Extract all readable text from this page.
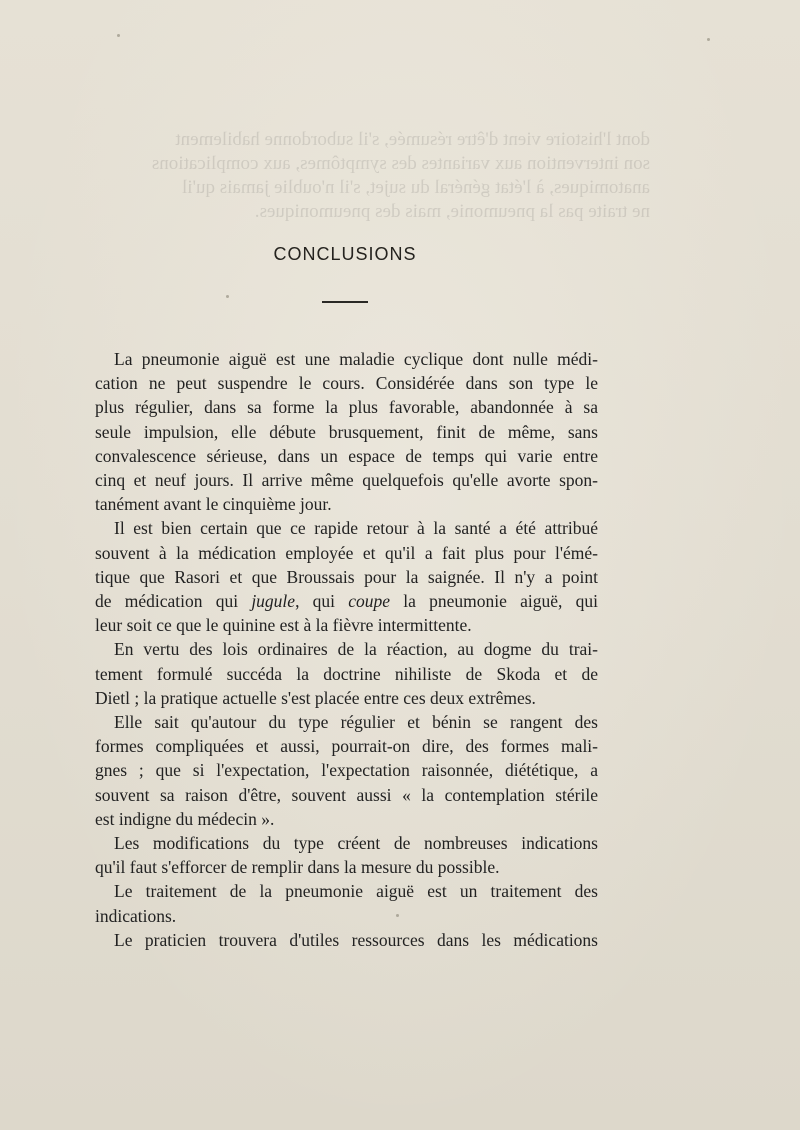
dont l'histoire vient d'être résumée, s'il subordonne habilement
son intervention aux variantes des symptômes, aux complications
anatomiques, à l'état général du sujet, s'il n'oublie jamais qu'il
ne traite pas la pneumonie, mais des pneumoniques.
CONCLUSIONS
La pneumonie aiguë est une maladie cyclique dont nulle médi-
cation ne peut suspendre le cours. Considérée dans son type le
plus régulier, dans sa forme la plus favorable, abandonnée à sa
seule impulsion, elle débute brusquement, finit de même, sans
convalescence sérieuse, dans un espace de temps qui varie entre
cinq et neuf jours. Il arrive même quelquefois qu'elle avorte spon-
tanément avant le cinquième jour.
Il est bien certain que ce rapide retour à la santé a été attribué
souvent à la médication employée et qu'il a fait plus pour l'émé-
tique que Rasori et que Broussais pour la saignée. Il n'y a point
de médication qui jugule, qui coupe la pneumonie aiguë, qui
leur soit ce que le quinine est à la fièvre intermittente.
En vertu des lois ordinaires de la réaction, au dogme du trai-
tement formulé succéda la doctrine nihiliste de Skoda et de
Dietl ; la pratique actuelle s'est placée entre ces deux extrêmes.
Elle sait qu'autour du type régulier et bénin se rangent des
formes compliquées et aussi, pourrait-on dire, des formes mali-
gnes ; que si l'expectation, l'expectation raisonnée, diététique, a
souvent sa raison d'être, souvent aussi « la contemplation stérile
est indigne du médecin ».
Les modifications du type créent de nombreuses indications
qu'il faut s'efforcer de remplir dans la mesure du possible.
Le traitement de la pneumonie aiguë est un traitement des
indications.
Le praticien trouvera d'utiles ressources dans les médications
